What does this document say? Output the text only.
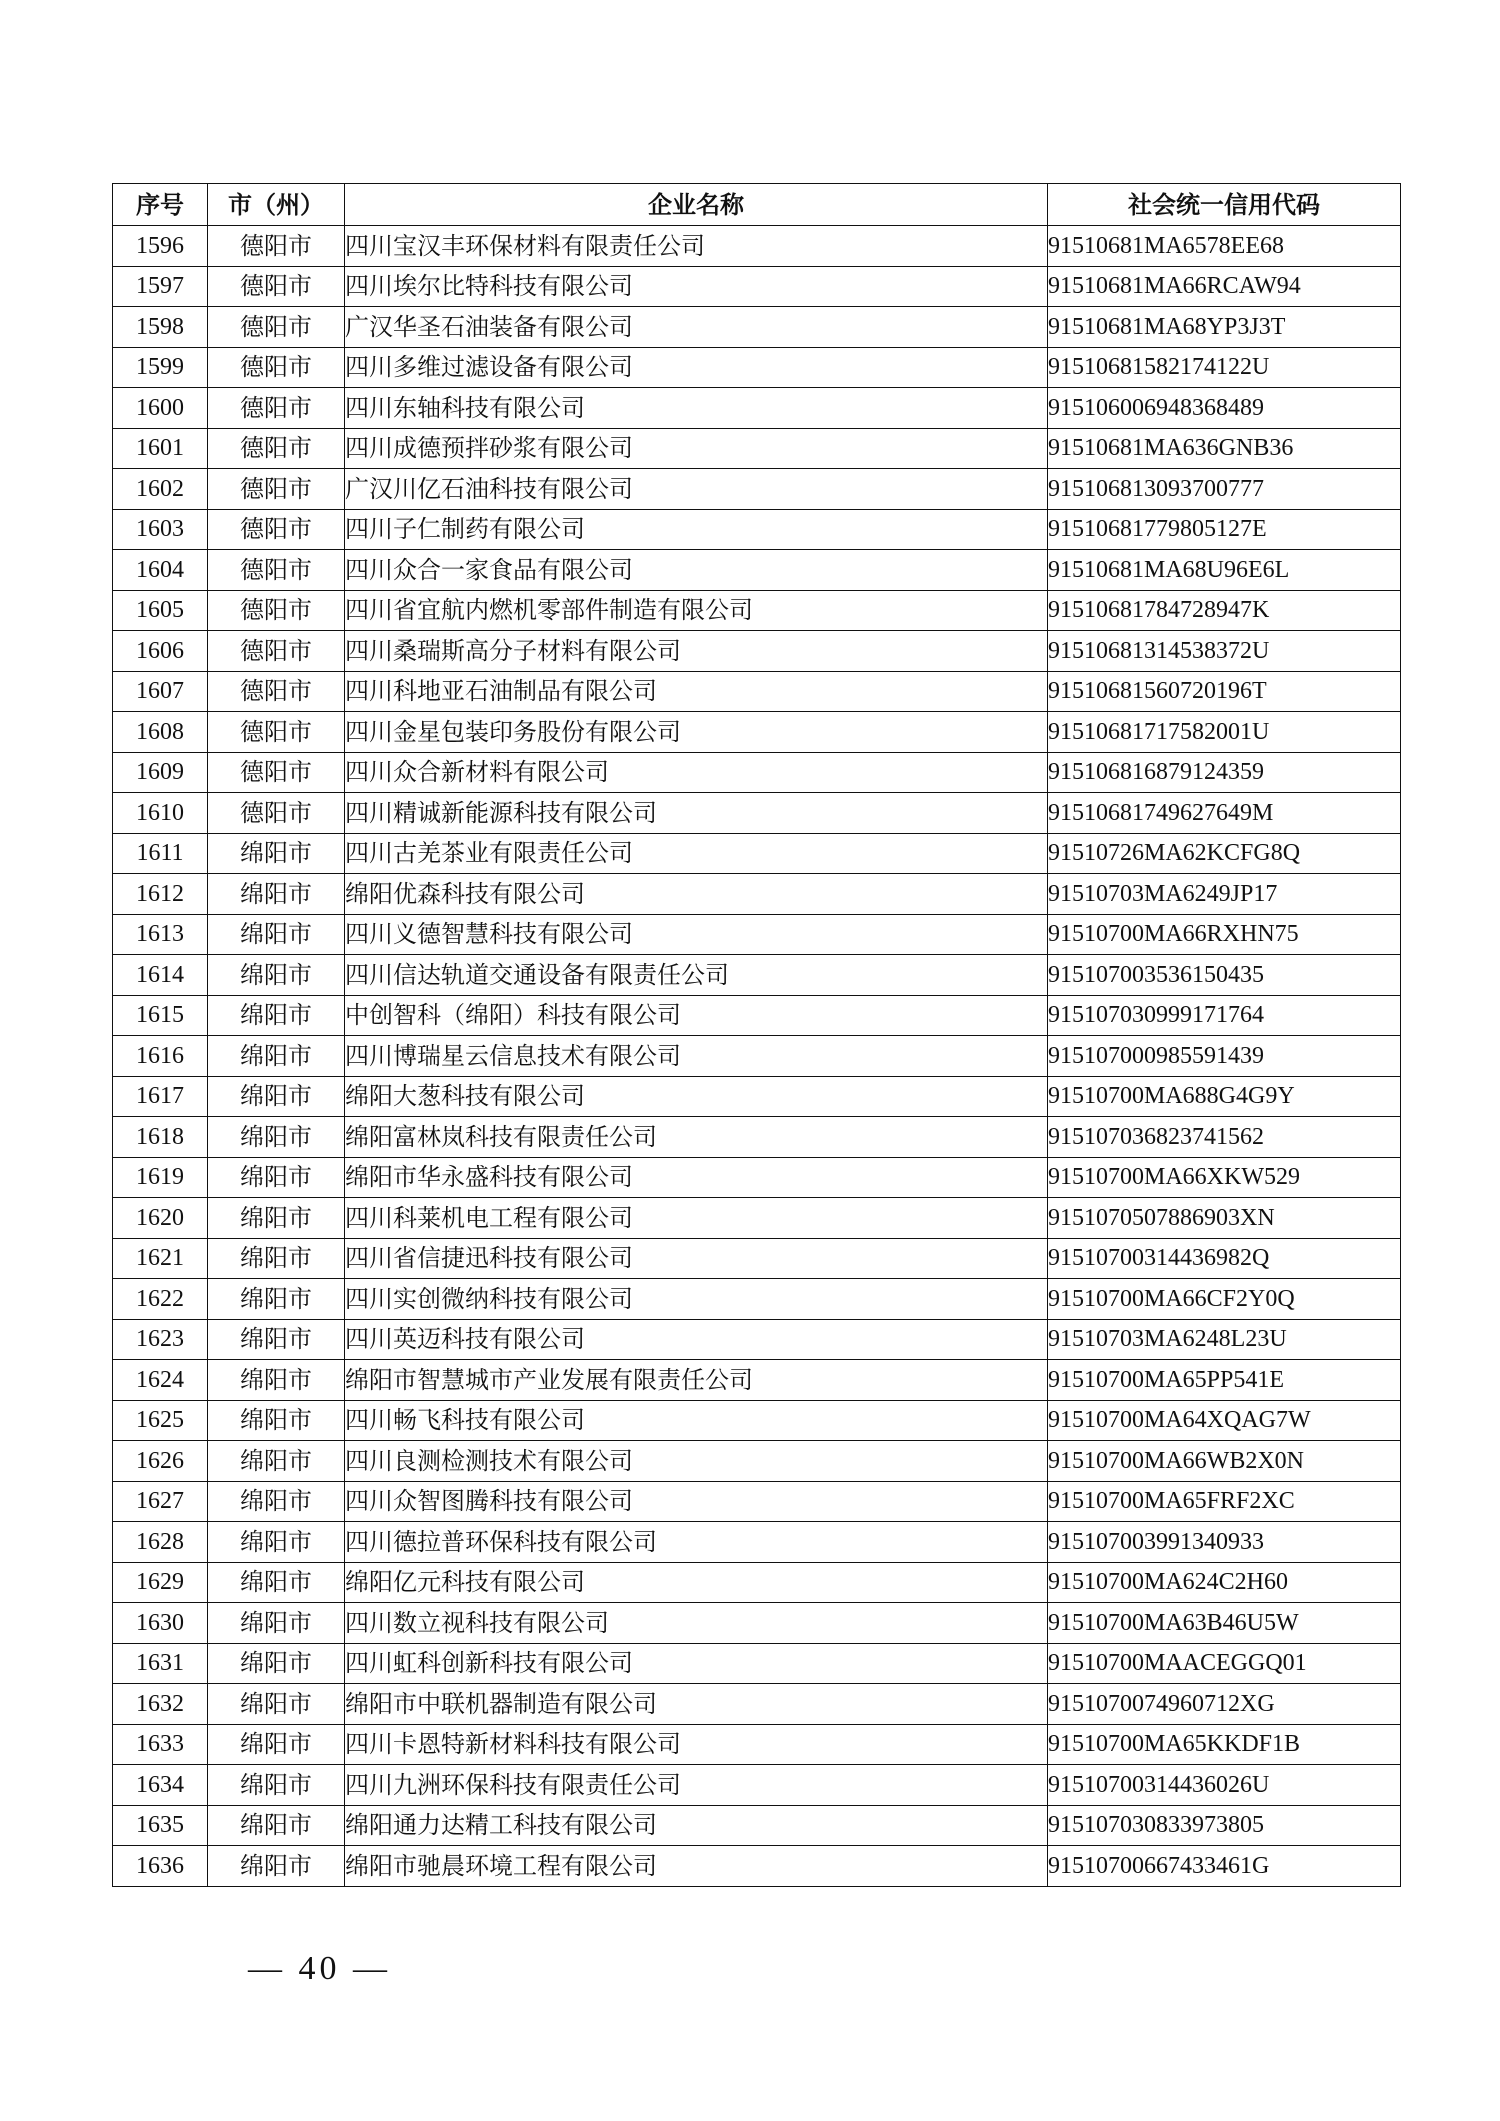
序号	市（州）	企业名称	社会统一信用代码
1596	德阳市	四川宝汉丰环保材料有限责任公司	91510681MA6578EE68
1597	德阳市	四川埃尔比特科技有限公司	91510681MA66RCAW94
1598	德阳市	广汉华圣石油装备有限公司	91510681MA68YP3J3T
1599	德阳市	四川多维过滤设备有限公司	91510681582174122U
1600	德阳市	四川东轴科技有限公司	915106006948368489
1601	德阳市	四川成德预拌砂浆有限公司	91510681MA636GNB36
1602	德阳市	广汉川亿石油科技有限公司	915106813093700777
1603	德阳市	四川子仁制药有限公司	91510681779805127E
1604	德阳市	四川众合一家食品有限公司	91510681MA68U96E6L
1605	德阳市	四川省宜航内燃机零部件制造有限公司	91510681784728947K
1606	德阳市	四川桑瑞斯高分子材料有限公司	91510681314538372U
1607	德阳市	四川科地亚石油制品有限公司	91510681560720196T
1608	德阳市	四川金星包装印务股份有限公司	91510681717582001U
1609	德阳市	四川众合新材料有限公司	915106816879124359
1610	德阳市	四川精诚新能源科技有限公司	91510681749627649M
1611	绵阳市	四川古羌茶业有限责任公司	91510726MA62KCFG8Q
1612	绵阳市	绵阳优森科技有限公司	91510703MA6249JP17
1613	绵阳市	四川义德智慧科技有限公司	91510700MA66RXHN75
1614	绵阳市	四川信达轨道交通设备有限责任公司	915107003536150435
1615	绵阳市	中创智科（绵阳）科技有限公司	915107030999171764
1616	绵阳市	四川博瑞星云信息技术有限公司	915107000985591439
1617	绵阳市	绵阳大葱科技有限公司	91510700MA688G4G9Y
1618	绵阳市	绵阳富林岚科技有限责任公司	915107036823741562
1619	绵阳市	绵阳市华永盛科技有限公司	91510700MA66XKW529
1620	绵阳市	四川科莱机电工程有限公司	9151070507886903XN
1621	绵阳市	四川省信捷迅科技有限公司	91510700314436982Q
1622	绵阳市	四川实创微纳科技有限公司	91510700MA66CF2Y0Q
1623	绵阳市	四川英迈科技有限公司	91510703MA6248L23U
1624	绵阳市	绵阳市智慧城市产业发展有限责任公司	91510700MA65PP541E
1625	绵阳市	四川畅飞科技有限公司	91510700MA64XQAG7W
1626	绵阳市	四川良测检测技术有限公司	91510700MA66WB2X0N
1627	绵阳市	四川众智图腾科技有限公司	91510700MA65FRF2XC
1628	绵阳市	四川德拉普环保科技有限公司	915107003991340933
1629	绵阳市	绵阳亿元科技有限公司	91510700MA624C2H60
1630	绵阳市	四川数立视科技有限公司	91510700MA63B46U5W
1631	绵阳市	四川虹科创新科技有限公司	91510700MAACEGGQ01
1632	绵阳市	绵阳市中联机器制造有限公司	9151070074960712XG
1633	绵阳市	四川卡恩特新材料科技有限公司	91510700MA65KKDF1B
1634	绵阳市	四川九洲环保科技有限责任公司	91510700314436026U
1635	绵阳市	绵阳通力达精工科技有限公司	915107030833973805
1636	绵阳市	绵阳市驰晨环境工程有限公司	91510700667433461G
— 40 —
